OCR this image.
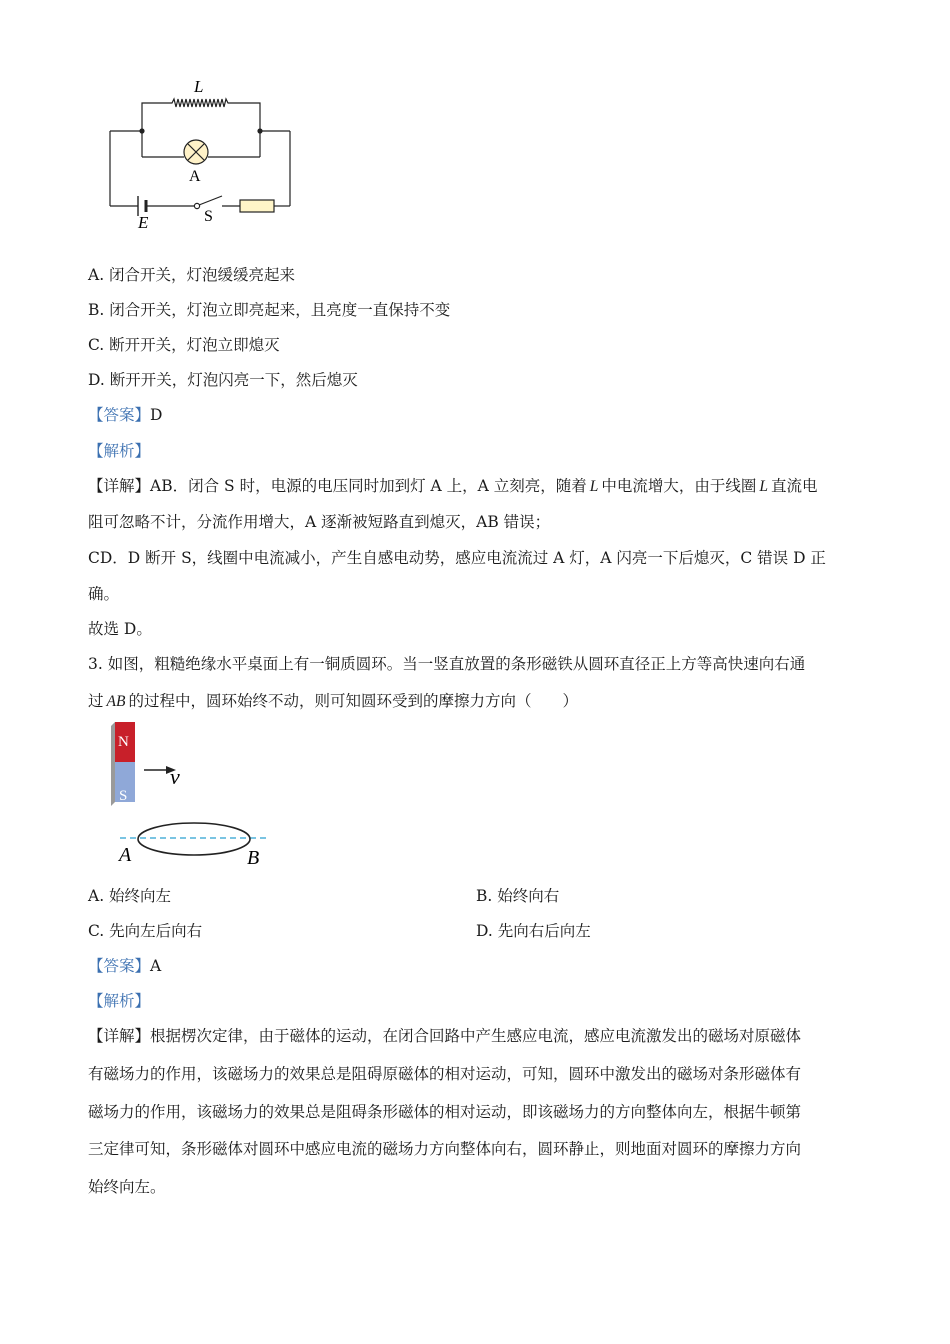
L
A
E	S
A. 闭合开关，灯泡缓缓亮起来
B. 闭合开关，灯泡立即亮起来，且亮度一直保持不变
C. 断开开关，灯泡立即熄灭
D. 断开开关，灯泡闪亮一下，然后熄灭
【答案】D
【解析】
【详解】AB．闭合 S 时，电源的电压同时加到灯 A 上，A 立刻亮，随着 L 中电流增大，由于线圈 L 直流电
阻可忽略不计，分流作用增大，A 逐渐被短路直到熄灭，AB 错误；
CD．D 断开 S，线圈中电流减小，产生自感电动势，感应电流流过 A 灯，A 闪亮一下后熄灭，C 错误 D 正
确。
故选 D。
3. 如图，粗糙绝缘水平桌面上有一铜质圆环。当一竖直放置的条形磁铁从圆环直径正上方等高快速向右通
过 AB 的过程中，圆环始终不动，则可知圆环受到的摩擦力方向（　　）
N
S
v
A	B
A. 始终向左	B. 始终向右
C. 先向左后向右	D. 先向右后向左
【答案】A
【解析】
【详解】根据楞次定律，由于磁体的运动，在闭合回路中产生感应电流，感应电流激发出的磁场对原磁体
有磁场力的作用，该磁场力的效果总是阻碍原磁体的相对运动，可知，圆环中激发出的磁场对条形磁体有
磁场力的作用，该磁场力的效果总是阻碍条形磁体的相对运动，即该磁场力的方向整体向左，根据牛顿第
三定律可知，条形磁体对圆环中感应电流的磁场力方向整体向右，圆环静止，则地面对圆环的摩擦力方向
始终向左。
